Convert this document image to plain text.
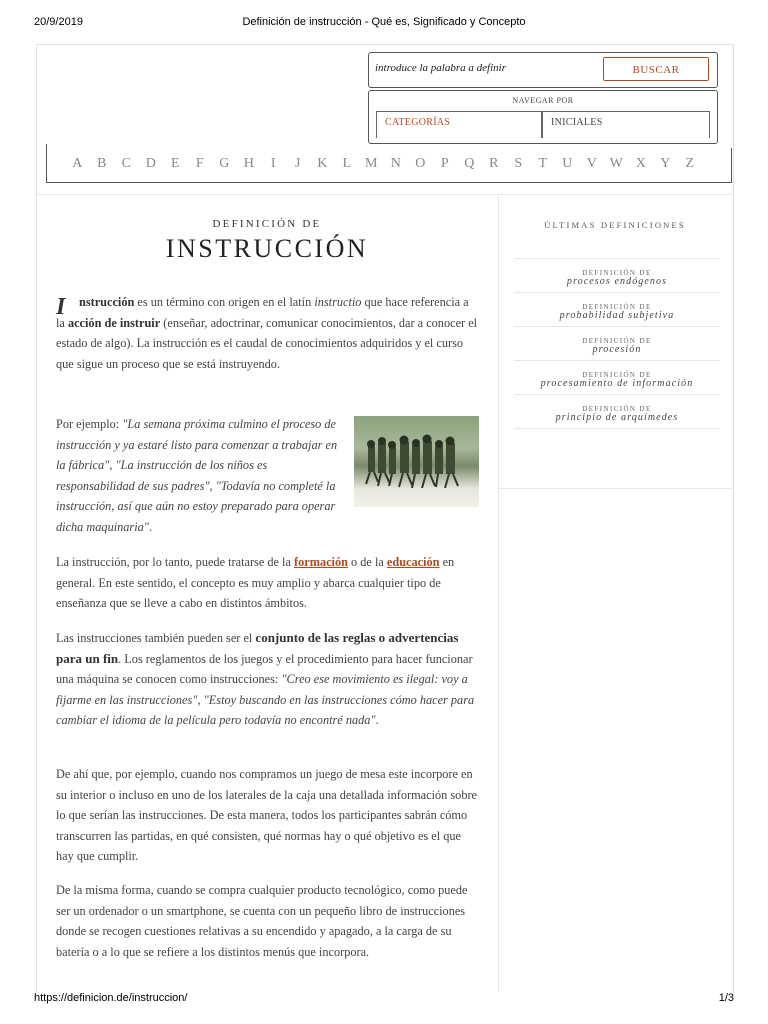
20/9/2019	Definición de instrucción - Qué es, Significado y Concepto
introduce la palabra a definir
BUSCAR
NAVEGAR POR
CATEGORÍAS	INICIALES
A	B	C	D	E	F	G	H	I	J	K	L M N	O	P	Q	R	S	T	U	V W X	Y	Z
DEFINICIÓN DE
INSTRUCCIÓN
I	nstrucción es un término con origen en el latín instructio que hace referencia a la acción de instruir (enseñar, adoctrinar, comunicar conocimientos, dar a conocer el estado de algo). La instrucción es el caudal de conocimientos adquiridos y el curso que sigue un proceso que se está instruyendo.

Por ejemplo: "La semana próxima culmino el proceso de instrucción y ya estaré listo para comenzar a trabajar en la fábrica", "La instrucción de los niños es responsabilidad de sus padres", "Todavía no completé la instrucción, así que aún no estoy preparado para operar dicha maquinaria".

La instrucción, por lo tanto, puede tratarse de la formación o de la educación en general. En este sentido, el concepto es muy amplio y abarca cualquier tipo de enseñanza que se lleve a cabo en distintos ámbitos.

Las instrucciones también pueden ser el conjunto de las reglas o advertencias para un fin. Los reglamentos de los juegos y el procedimiento para hacer funcionar una máquina se conocen como instrucciones: "Creo ese movimiento es ilegal: voy a fijarme en las instrucciones", "Estoy buscando en las instrucciones cómo hacer para cambiar el idioma de la película pero todavía no encontré nada".

De ahí que, por ejemplo, cuando nos compramos un juego de mesa este incorpore en su interior o incluso en uno de los laterales de la caja una detallada información sobre lo que serían las instrucciones. De esta manera, todos los participantes sabrán cómo transcurren las partidas, en qué consisten, qué normas hay o qué objetivo es el que hay que cumplir.

De la misma forma, cuando se compra cualquier producto tecnológico, como puede ser un ordenador o un smartphone, se cuenta con un pequeño libro de instrucciones donde se recogen cuestiones relativas a su encendido y apagado, a la carga de su batería o a lo que se refiere a los distintos menús que incorpora.

ÚLTIMAS DEFINICIONES
DEFINICIÓN DE
procesos endógenos
DEFINICIÓN DE
probabilidad subjetiva
DEFINICIÓN DE
procesión
DEFINICIÓN DE
procesamiento de información
DEFINICIÓN DE
principio de arquímedes
https://definicion.de/instruccion/	1/3
